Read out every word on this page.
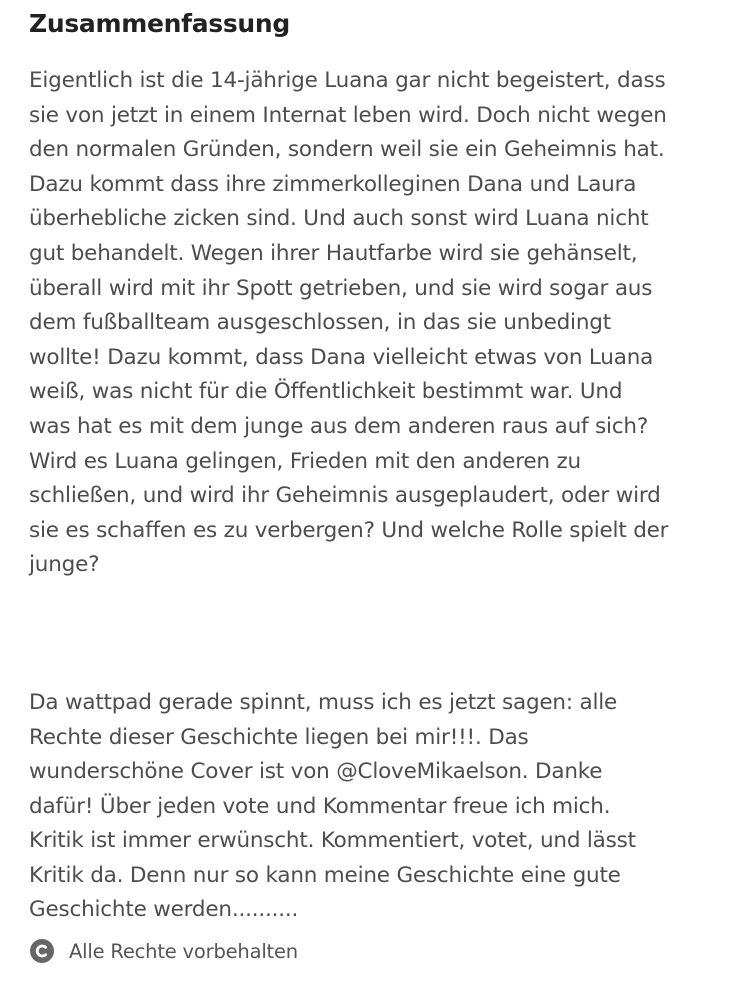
Zusammenfassung

Eigentlich ist die 14-jährige Luana gar nicht begeistert, dass
sie von jetzt in einem Internat leben wird. Doch nicht wegen
den normalen Gründen, sondern weil sie ein Geheimnis hat.
Dazu kommt dass ihre zimmerkolleginen Dana und Laura
überhebliche zicken sind. Und auch sonst wird Luana nicht
gut behandelt. Wegen ihrer Hautfarbe wird sie gehänselt,
überall wird mit ihr Spott getrieben, und sie wird sogar aus
dem fußballteam ausgeschlossen, in das sie unbedingt
wollte! Dazu kommt, dass Dana vielleicht etwas von Luana
weiß, was nicht für die Öffentlichkeit bestimmt war. Und
was hat es mit dem junge aus dem anderen raus auf sich?
Wird es Luana gelingen, Frieden mit den anderen zu
schließen, und wird ihr Geheimnis ausgeplaudert, oder wird
sie es schaffen es zu verbergen? Und welche Rolle spielt der
junge?

Da wattpad gerade spinnt, muss ich es jetzt sagen: alle
Rechte dieser Geschichte liegen bei mir!!!. Das
wunderschöne Cover ist von @CloveMikaelson. Danke
dafür! Über jeden vote und Kommentar freue ich mich.
Kritik ist immer erwünscht. Kommentiert, votet, und lässt
Kritik da. Denn nur so kann meine Geschichte eine gute
Geschichte werden..........

Alle Rechte vorbehalten
